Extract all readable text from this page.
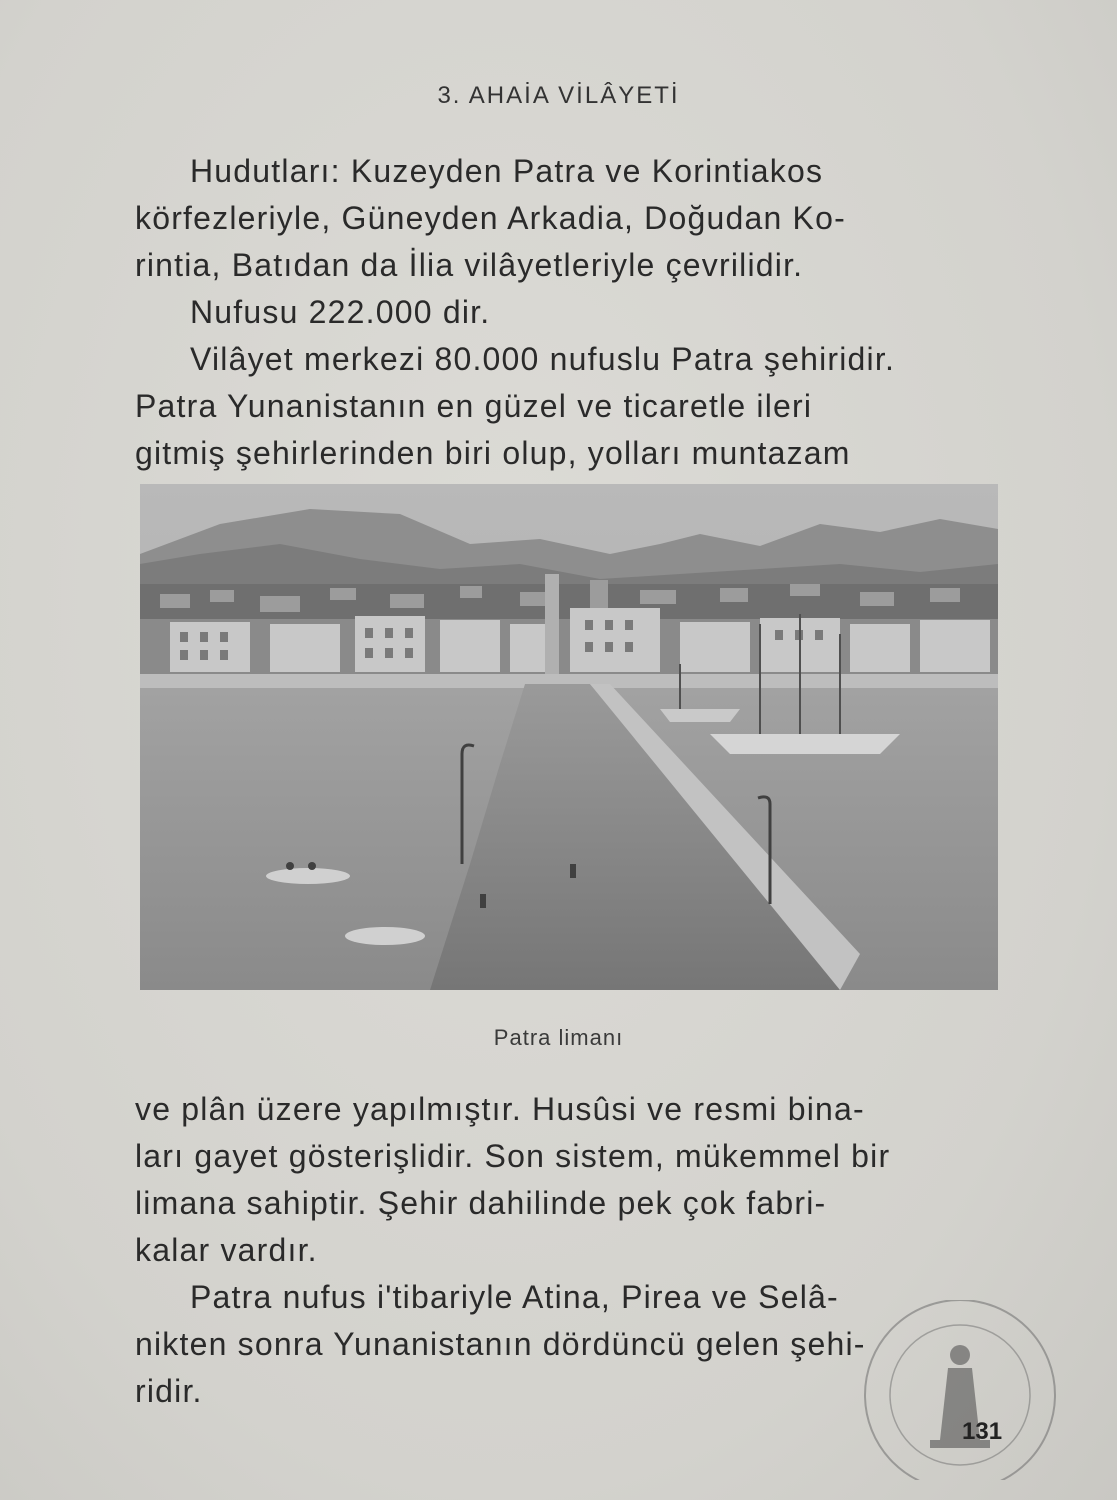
3. AHAİA VİLÂYETİ
Hudutları: Kuzeyden Patra ve Korintiakos
körfezleriyle, Güneyden Arkadia, Doğudan Ko-
rintia, Batıdan da İlia vilâyetleriyle çevrilidir.
Nufusu 222.000 dir.
Vilâyet merkezi 80.000 nufuslu Patra şehiridir.
Patra Yunanistanın en güzel ve ticaretle ileri
gitmiş şehirlerinden biri olup, yolları muntazam
Patra limanı
ve plân üzere yapılmıştır. Husûsi ve resmi bina-
ları gayet gösterişlidir. Son sistem, mükemmel bir
limana sahiptir. Şehir dahilinde pek çok fabri-
kalar vardır.
Patra nufus i'tibariyle Atina, Pirea ve Selâ-
nikten sonra Yunanistanın dördüncü gelen şehi-
ridir.
131
